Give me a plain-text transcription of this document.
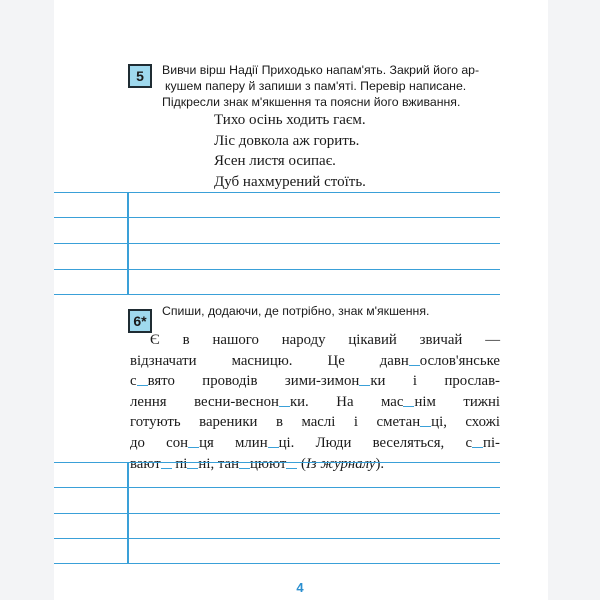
5 Вивчи вірш Надії Приходько напам'ять. Закрий його ар-
кушем паперу й запиши з пам'яті. Перевір написане.
Підкресли знак м'якшення та поясни його вживання.
Тихо осінь ходить гаєм.
Ліс довкола аж горить.
Ясен листя осипає.
Дуб нахмурений стоїть.
6*
Спиши, додаючи, де потрібно, знак м'якшення.
Є в нашого народу цікавий звичай —
відзначати масницю. Це давн ослов'янське
с вято проводів зими-зимон ки і прослав-
лення весни-веснон ки. На мас нім тижні
готують вареники в маслі і сметан ці, схожі
до сон ця млин ці. Люди веселяться, с пі-
вают пі ні, тан цюют (Із журналу).
4
